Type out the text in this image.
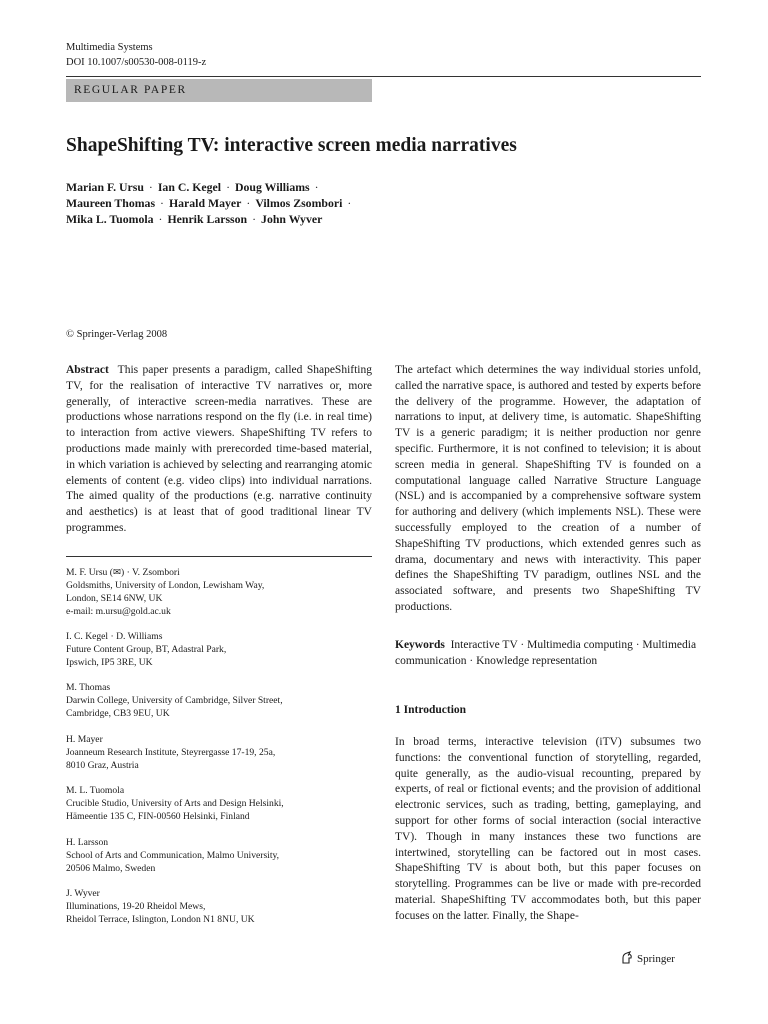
Multimedia Systems
DOI 10.1007/s00530-008-0119-z
REGULAR PAPER
ShapeShifting TV: interactive screen media narratives
Marian F. Ursu · Ian C. Kegel · Doug Williams ·
Maureen Thomas · Harald Mayer · Vilmos Zsombori ·
Mika L. Tuomola · Henrik Larsson · John Wyver
© Springer-Verlag 2008
Abstract This paper presents a paradigm, called ShapeShifting TV, for the realisation of interactive TV narratives or, more generally, of interactive screen-media narratives. These are productions whose narrations respond on the fly (i.e. in real time) to interaction from active viewers. ShapeShifting TV refers to productions made mainly with prerecorded time-based material, in which variation is achieved by selecting and rearranging atomic elements of content (e.g. video clips) into individual narrations. The aimed quality of the productions (e.g. narrative continuity and aesthetics) is at least that of good traditional linear TV programmes.
M. F. Ursu (✉) · V. Zsombori
Goldsmiths, University of London, Lewisham Way,
London, SE14 6NW, UK
e-mail: m.ursu@gold.ac.uk
I. C. Kegel · D. Williams
Future Content Group, BT, Adastral Park,
Ipswich, IP5 3RE, UK
M. Thomas
Darwin College, University of Cambridge, Silver Street,
Cambridge, CB3 9EU, UK
H. Mayer
Joanneum Research Institute, Steyrergasse 17-19, 25a,
8010 Graz, Austria
M. L. Tuomola
Crucible Studio, University of Arts and Design Helsinki,
Hämeentie 135 C, FIN-00560 Helsinki, Finland
H. Larsson
School of Arts and Communication, Malmo University,
20506 Malmo, Sweden
J. Wyver
Illuminations, 19-20 Rheidol Mews,
Rheidol Terrace, Islington, London N1 8NU, UK
The artefact which determines the way individual stories unfold, called the narrative space, is authored and tested by experts before the delivery of the programme. However, the adaptation of narrations to input, at delivery time, is automatic. ShapeShifting TV is a generic paradigm; it is neither production nor genre specific. Furthermore, it is not confined to television; it is about screen media in general. ShapeShifting TV is founded on a computational language called Narrative Structure Language (NSL) and is accompanied by a comprehensive software system for authoring and delivery (which implements NSL). These were successfully employed to the creation of a number of ShapeShifting TV productions, which extended genres such as drama, documentary and news with interactivity. This paper defines the ShapeShifting TV paradigm, outlines NSL and the associated software, and presents two ShapeShifting TV productions.
Keywords Interactive TV · Multimedia computing · Multimedia communication · Knowledge representation
1 Introduction
In broad terms, interactive television (iTV) subsumes two functions: the conventional function of storytelling, regarded, quite generally, as the audio-visual recounting, prepared by experts, of real or fictional events; and the provision of additional electronic services, such as trading, betting, gameplaying, and support for other forms of social interaction (social interactive TV). Though in many instances these two functions are intertwined, storytelling can be factored out in most cases. ShapeShifting TV is about both, but this paper focuses on storytelling. Programmes can be live or made with pre-recorded material. ShapeShifting TV accommodates both, but this paper focuses on the latter. Finally, the Shape-
Springer
